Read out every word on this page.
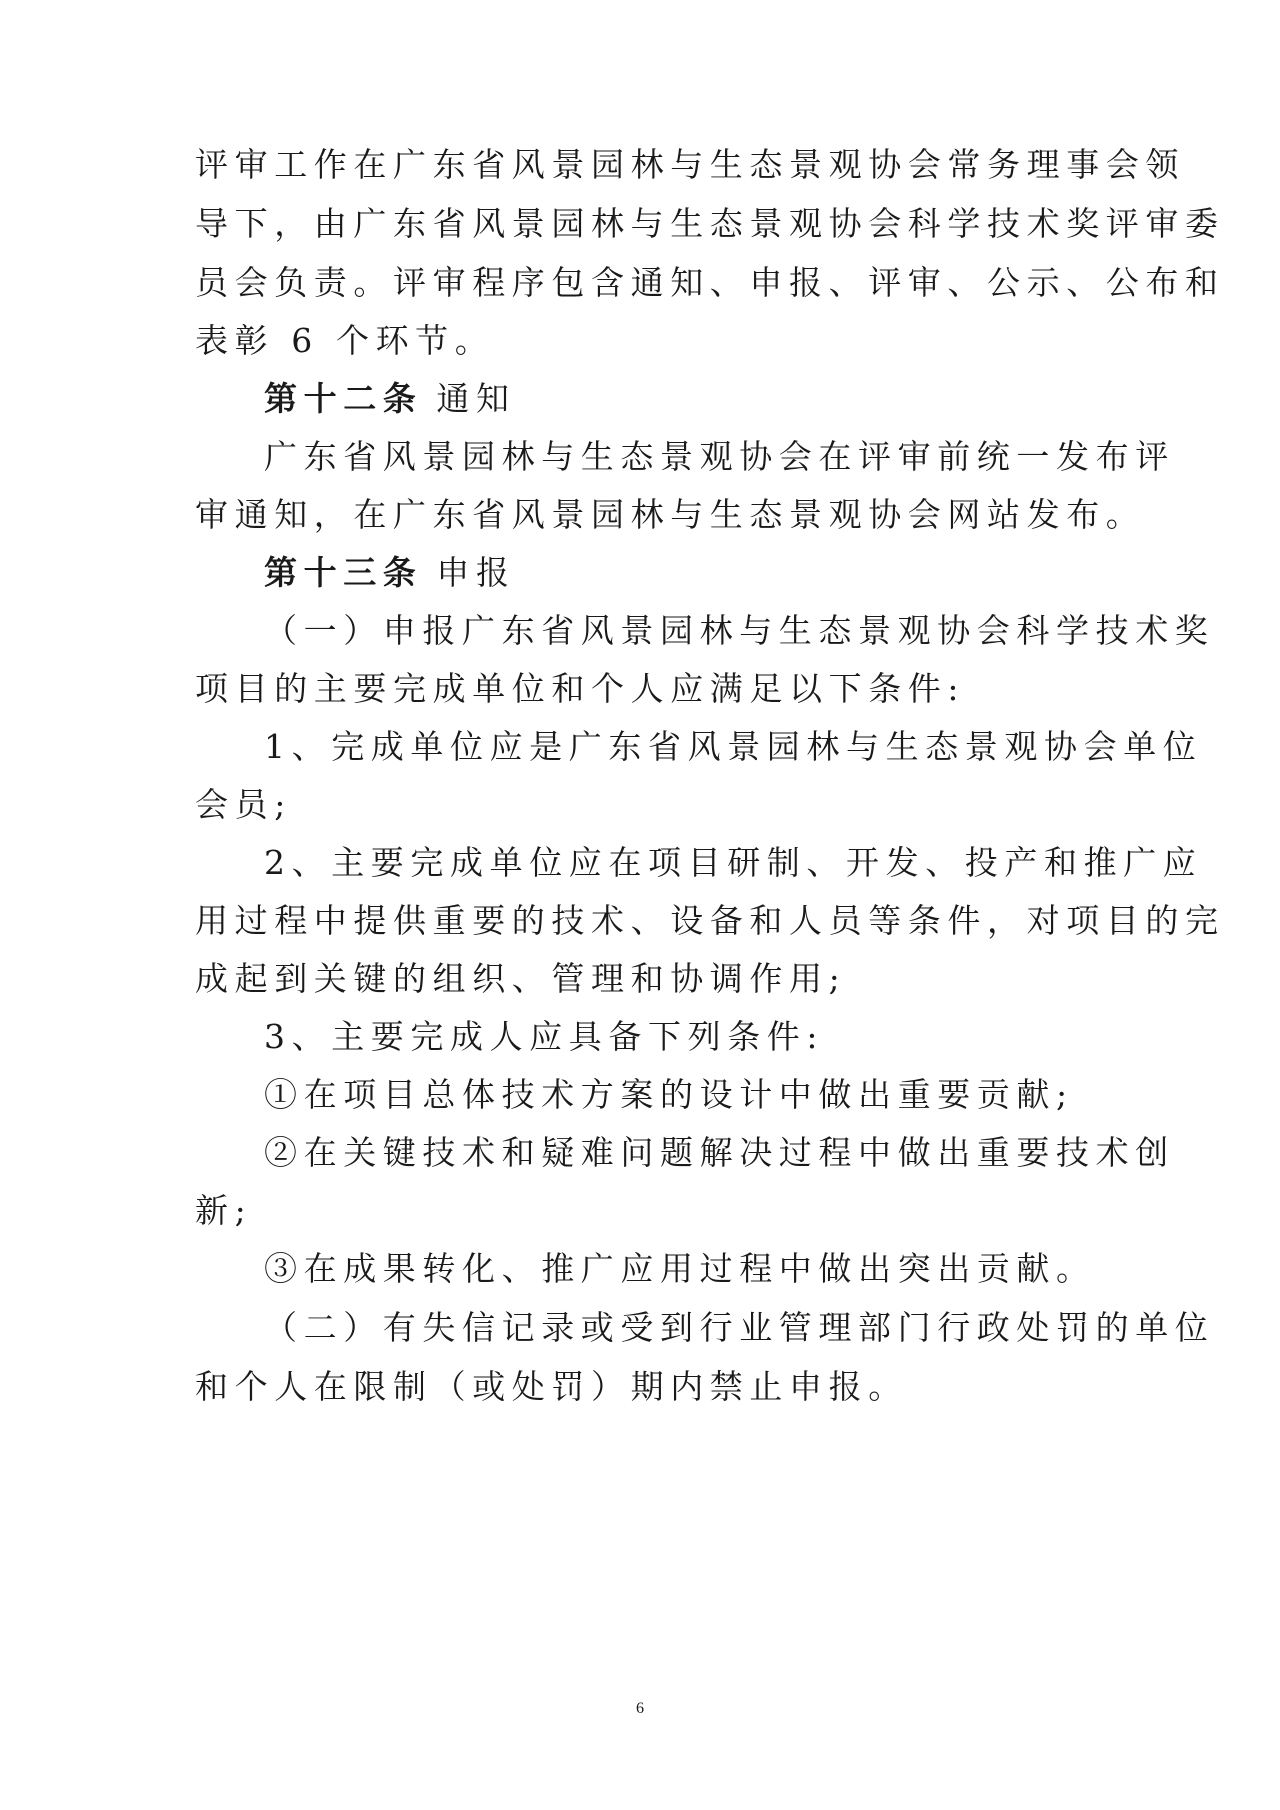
评审工作在广东省风景园林与生态景观协会常务理事会领
导下，由广东省风景园林与生态景观协会科学技术奖评审委
员会负责。评审程序包含通知、申报、评审、公示、公布和
表彰 6 个环节。
第十二条 通知
广东省风景园林与生态景观协会在评审前统一发布评
审通知，在广东省风景园林与生态景观协会网站发布。
第十三条 申报
（一）申报广东省风景园林与生态景观协会科学技术奖
项目的主要完成单位和个人应满足以下条件:
1、完成单位应是广东省风景园林与生态景观协会单位
会员;
2、主要完成单位应在项目研制、开发、投产和推广应
用过程中提供重要的技术、设备和人员等条件，对项目的完
成起到关键的组织、管理和协调作用;
3、主要完成人应具备下列条件:
①在项目总体技术方案的设计中做出重要贡献;
②在关键技术和疑难问题解决过程中做出重要技术创
新;
③在成果转化、推广应用过程中做出突出贡献。
（二）有失信记录或受到行业管理部门行政处罚的单位
和个人在限制（或处罚）期内禁止申报。
6
